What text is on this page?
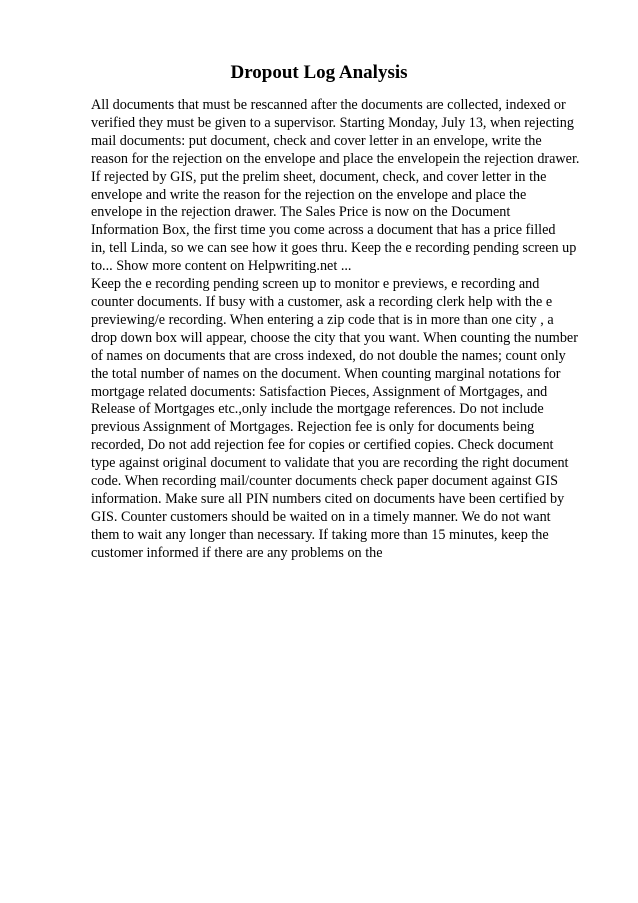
Dropout Log Analysis
All documents that must be rescanned after the documents are collected, indexed or
verified they must be given to a supervisor. Starting Monday, July 13, when rejecting
mail documents: put document, check and cover letter in an envelope, write the
reason for the rejection on the envelope and place the envelopein the rejection drawer.
If rejected by GIS, put the prelim sheet, document, check, and cover letter in the
envelope and write the reason for the rejection on the envelope and place the
envelope in the rejection drawer. The Sales Price is now on the Document
Information Box, the first time you come across a document that has a price filled
in, tell Linda, so we can see how it goes thru. Keep the e recording pending screen up
to... Show more content on Helpwriting.net ...
Keep the e recording pending screen up to monitor e previews, e recording and
counter documents. If busy with a customer, ask a recording clerk help with the e
previewing/e recording. When entering a zip code that is in more than one city , a
drop down box will appear, choose the city that you want. When counting the number
of names on documents that are cross indexed, do not double the names; count only
the total number of names on the document. When counting marginal notations for
mortgage related documents: Satisfaction Pieces, Assignment of Mortgages, and
Release of Mortgages etc.,only include the mortgage references. Do not include
previous Assignment of Mortgages. Rejection fee is only for documents being
recorded, Do not add rejection fee for copies or certified copies. Check document
type against original document to validate that you are recording the right document
code. When recording mail/counter documents check paper document against GIS
information. Make sure all PIN numbers cited on documents have been certified by
GIS. Counter customers should be waited on in a timely manner. We do not want
them to wait any longer than necessary. If taking more than 15 minutes, keep the
customer informed if there are any problems on the
